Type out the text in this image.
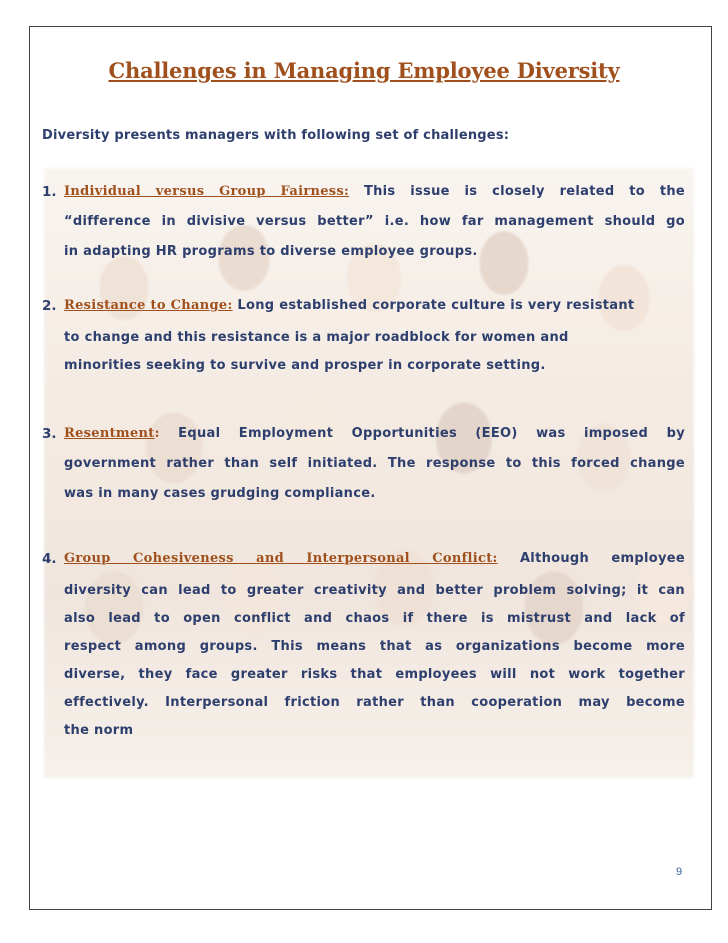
Challenges in Managing Employee Diversity
Diversity presents managers with following set of challenges:
1. Individual versus Group Fairness: This issue is closely related to the
“difference in divisive versus better” i.e. how far management should go
in adapting HR programs to diverse employee groups.
2. Resistance to Change: Long established corporate culture is very resistant
to change and this resistance is a major roadblock for women and
minorities seeking to survive and prosper in corporate setting.
3. Resentment: Equal Employment Opportunities (EEO) was imposed by
government rather than self initiated. The response to this forced change
was in many cases grudging compliance.
4. Group Cohesiveness and Interpersonal Conflict: Although employee
diversity can lead to greater creativity and better problem solving; it can
also lead to open conflict and chaos if there is mistrust and lack of
respect among groups. This means that as organizations become more
diverse, they face greater risks that employees will not work together
effectively. Interpersonal friction rather than cooperation may become
the norm
9
